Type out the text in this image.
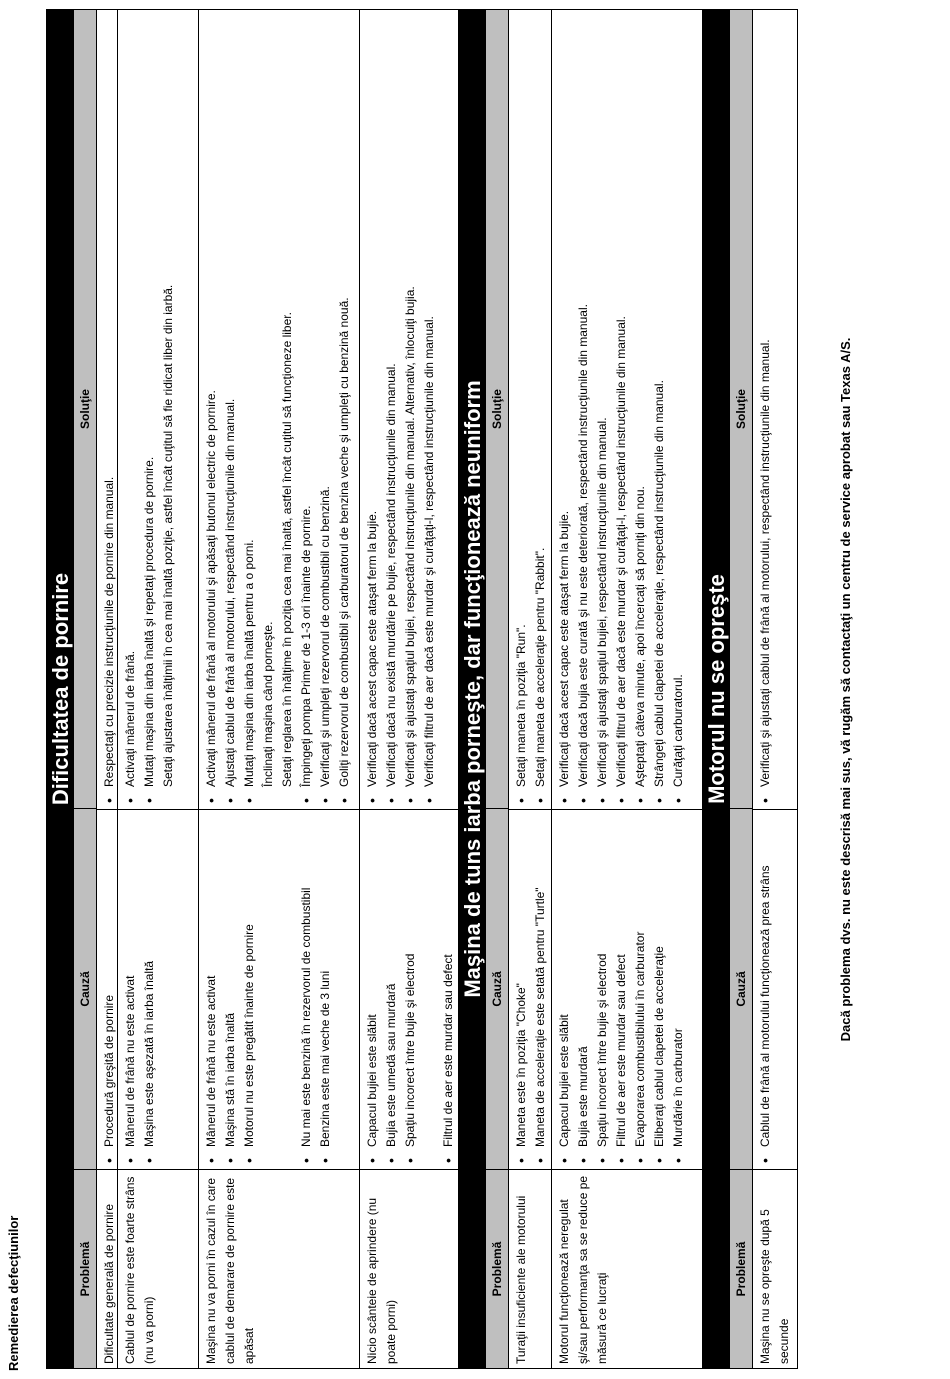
Remedierea defecţiunilor
Dificultatea de pornire
Problemă
Cauză
Soluţie
Dificultate generală de pornire
• Procedură greşită de pornire
• Respectaţi cu precizie instrucţiunile de pornire din manual.
Cablul de pornire este foarte strâns (nu va porni)
• Mânerul de frână nu este activat • Maşina este aşezată în iarba înaltă
• Activaţi mânerul de frână. • Mutaţi maşina din iarba înaltă şi repetaţi procedura de pornire. Setaţi ajustarea înălţimii în cea mai înaltă poziţie, astfel încât cuţitul să fie ridicat liber din iarbă.
Maşina nu va porni în cazul în care cablul de demarare de pornire este apăsat
• Mânerul de frână nu este activat • Maşina stă în iarba înaltă • Motorul nu este pregătit înainte de pornire

	• Nu mai este benzină în rezervorul de combustibil • Benzina este mai veche de 3 luni
• Activaţi mânerul de frână al motorului şi apăsaţi butonul electric de pornire. • Ajustaţi cablul de frână al motorului, respectând instrucţiunile din manual. • Mutaţi maşina din iarba înaltă pentru a o porni. Înclinaţi maşina când porneşte. Setaţi reglarea în înălţime în poziţia cea mai înaltă, astfel încât cuţitul să funcţioneze liber. • Împingeţi pompa Primer de 1-3 ori înainte de pornire. • Verificaţi şi umpleţi rezervorul de combustibil cu benzină. • Goliţi rezervorul de combustibil şi carburatorul de benzina veche şi umpleţi cu benzină nouă.
Nicio scânteie de aprindere (nu poate porni)
• Capacul bujiei este slăbit • Bujia este umedă sau murdară • Spaţiu incorect între bujie şi electrod
• Filtrul de aer este murdar sau defect
• Verificaţi dacă acest capac este ataşat ferm la bujie. • Verificaţi dacă nu există murdărie pe bujie, respectând instrucţiunile din manual. • Verificaţi şi ajustaţi spaţiul bujiei, respectând instrucţiunile din manual. Alternativ, înlocuiţi bujia. • Verificaţi filtrul de aer dacă este murdar şi curăţaţi-l, respectând instrucţiunile din manual. Maşina de tuns iarba porneşte, dar funcţionează neuniform
Problemă
Cauză
Soluţie
Turaţii insuficiente ale motorului
• Maneta este în poziţia "Choke" • Maneta de acceleraţie este setată pentru "Turtle"
• Setaţi maneta în poziţia "Run". • Setaţi maneta de acceleraţie pentru "Rabbit".
Motorul funcţionează neregulat şi/sau performanţa sa se reduce pe măsură ce lucraţi
• Capacul bujiei este slăbit • Bujia este murdară • Spaţiu incorect între bujie şi electrod • Filtrul de aer este murdar sau defect • Evaporarea combustibilului în carburator • Eliberaţi cablul clapetei de acceleraţie • Murdărie în carburator
• Verificaţi dacă acest capac este ataşat ferm la bujie. • Verificaţi dacă bujia este curată şi nu este deteriorată, respectând instrucţiunile din manual. • Verificaţi şi ajustaţi spaţiul bujiei, respectând instrucţiunile din manual. • Verificaţi filtrul de aer dacă este murdar şi curăţaţi-l, respectând instrucţiunile din manual. • Aşteptaţi câteva minute, apoi încercaţi să porniţi din nou. • Strângeţi cablul clapetei de acceleraţie, respectând instrucţiunile din manual. • Curăţaţi carburatorul. Motorul nu se opreşte
Problemă
Cauză
Soluţie
Maşina nu se opreşte după 5 secunde
• Cablul de frână al motorului funcţionează prea strâns
• Verificaţi şi ajustaţi cablul de frână al motorului, respectând instrucţiunile din manual.	Dacă problema dvs. nu este descrisă mai sus, vă rugăm să contactaţi un centru de service aprobat sau Texas A/S.
